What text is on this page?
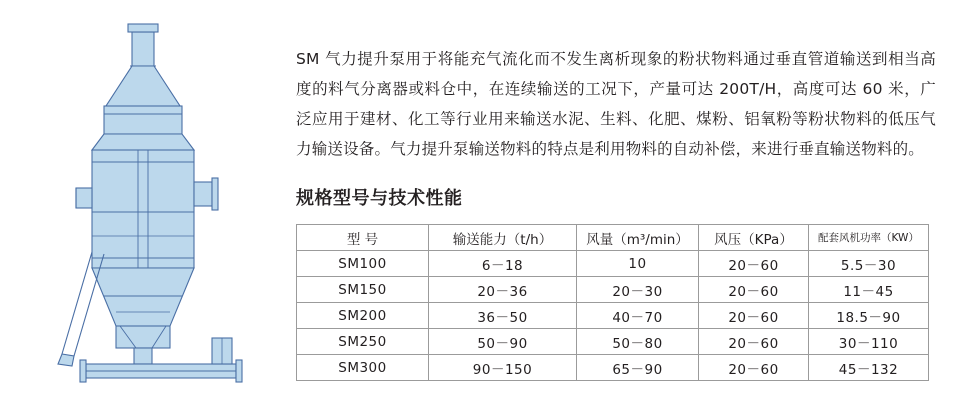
SM 气力提升泵用于将能充气流化而不发生离析现象的粉状物料通过垂直管道输送到相当高度的料气分离器或料仓中，在连续输送的工况下，产量可达 200T/H，高度可达 60 米，广泛应用于建材、化工等行业用来输送水泥、生料、化肥、煤粉、铝氧粉等粉状物料的低压气力输送设备。气力提升泵输送物料的特点是利用物料的自动补偿，来进行垂直输送物料的。

规格型号与技术性能
型 号	输送能力（t/h）	风量（m³/min）	风压（KPa）	配套风机功率（KW）
SM100	6－18	10	20－60	5.5－30
SM150	20－36	20－30	20－60	11－45
SM200	36－50	40－70	20－60	18.5－90
SM250	50－90	50－80	20－60	30－110
SM300	90－150	65－90	20－60	45－132
